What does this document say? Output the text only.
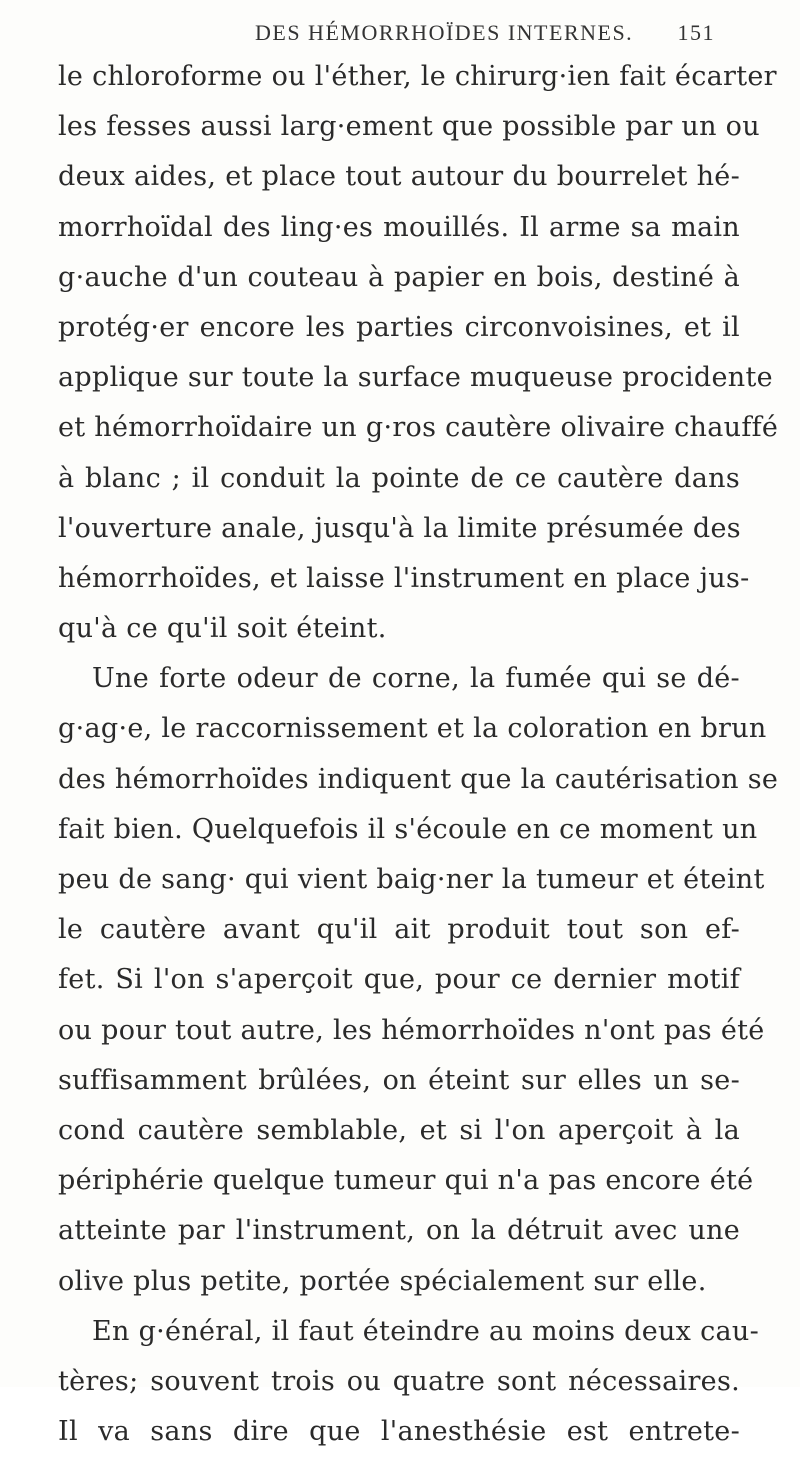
DES HÉMORRHOÏDES INTERNES. 151
le chloroforme ou l'éther, le chirurg·ien fait écarter
les fesses aussi larg·ement que possible par un ou
deux aides, et place tout autour du bourrelet hé-
morrhoïdal des ling·es mouillés. Il arme sa main
g·auche d'un couteau à papier en bois, destiné à
protég·er encore les parties circonvoisines, et il
applique sur toute la surface muqueuse procidente
et hémorrhoïdaire un g·ros cautère olivaire chauffé
à blanc ; il conduit la pointe de ce cautère dans
l'ouverture anale, jusqu'à la limite présumée des
hémorrhoïdes, et laisse l'instrument en place jus-
qu'à ce qu'il soit éteint.
Une forte odeur de corne, la fumée qui se dé-
g·ag·e, le raccornissement et la coloration en brun
des hémorrhoïdes indiquent que la cautérisation se
fait bien. Quelquefois il s'écoule en ce moment un
peu de sang· qui vient baig·ner la tumeur et éteint
le cautère avant qu'il ait produit tout son ef-
fet. Si l'on s'aperçoit que, pour ce dernier motif
ou pour tout autre, les hémorrhoïdes n'ont pas été
suffisamment brûlées, on éteint sur elles un se-
cond cautère semblable, et si l'on aperçoit à la
périphérie quelque tumeur qui n'a pas encore été
atteinte par l'instrument, on la détruit avec une
olive plus petite, portée spécialement sur elle.
En g·énéral, il faut éteindre au moins deux cau-
tères; souvent trois ou quatre sont nécessaires.
Il va sans dire que l'anesthésie est entrete-
